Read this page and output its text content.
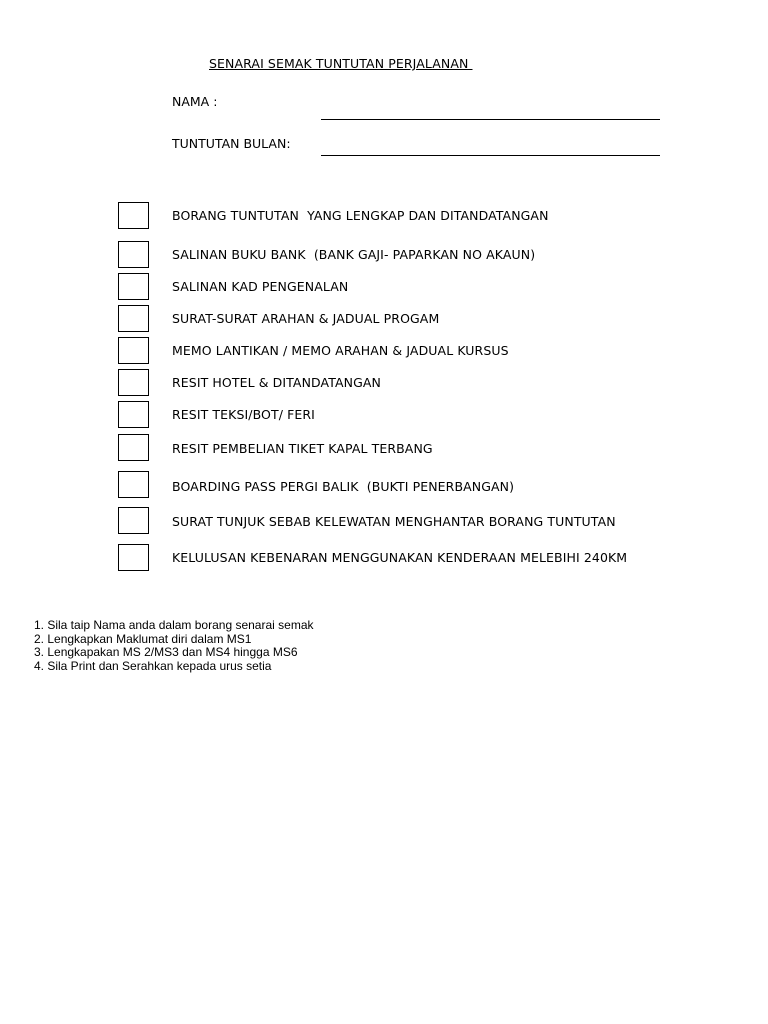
SENARAI SEMAK TUNTUTAN PERJALANAN
NAMA :
TUNTUTAN BULAN:
BORANG TUNTUTAN  YANG LENGKAP DAN DITANDATANGAN
SALINAN BUKU BANK  (BANK GAJI- PAPARKAN NO AKAUN)
SALINAN KAD PENGENALAN
SURAT-SURAT ARAHAN & JADUAL PROGAM
MEMO LANTIKAN / MEMO ARAHAN & JADUAL KURSUS
RESIT HOTEL & DITANDATANGAN
RESIT TEKSI/BOT/ FERI
RESIT PEMBELIAN TIKET KAPAL TERBANG
BOARDING PASS PERGI BALIK  (BUKTI PENERBANGAN)
SURAT TUNJUK SEBAB KELEWATAN MENGHANTAR BORANG TUNTUTAN
KELULUSAN KEBENARAN MENGGUNAKAN KENDERAAN MELEBIHI 240KM
1. Sila taip Nama anda dalam borang senarai semak
2. Lengkapkan Maklumat diri dalam MS1
3. Lengkapakan MS 2/MS3 dan MS4 hingga MS6
4. Sila Print dan Serahkan kepada urus setia
